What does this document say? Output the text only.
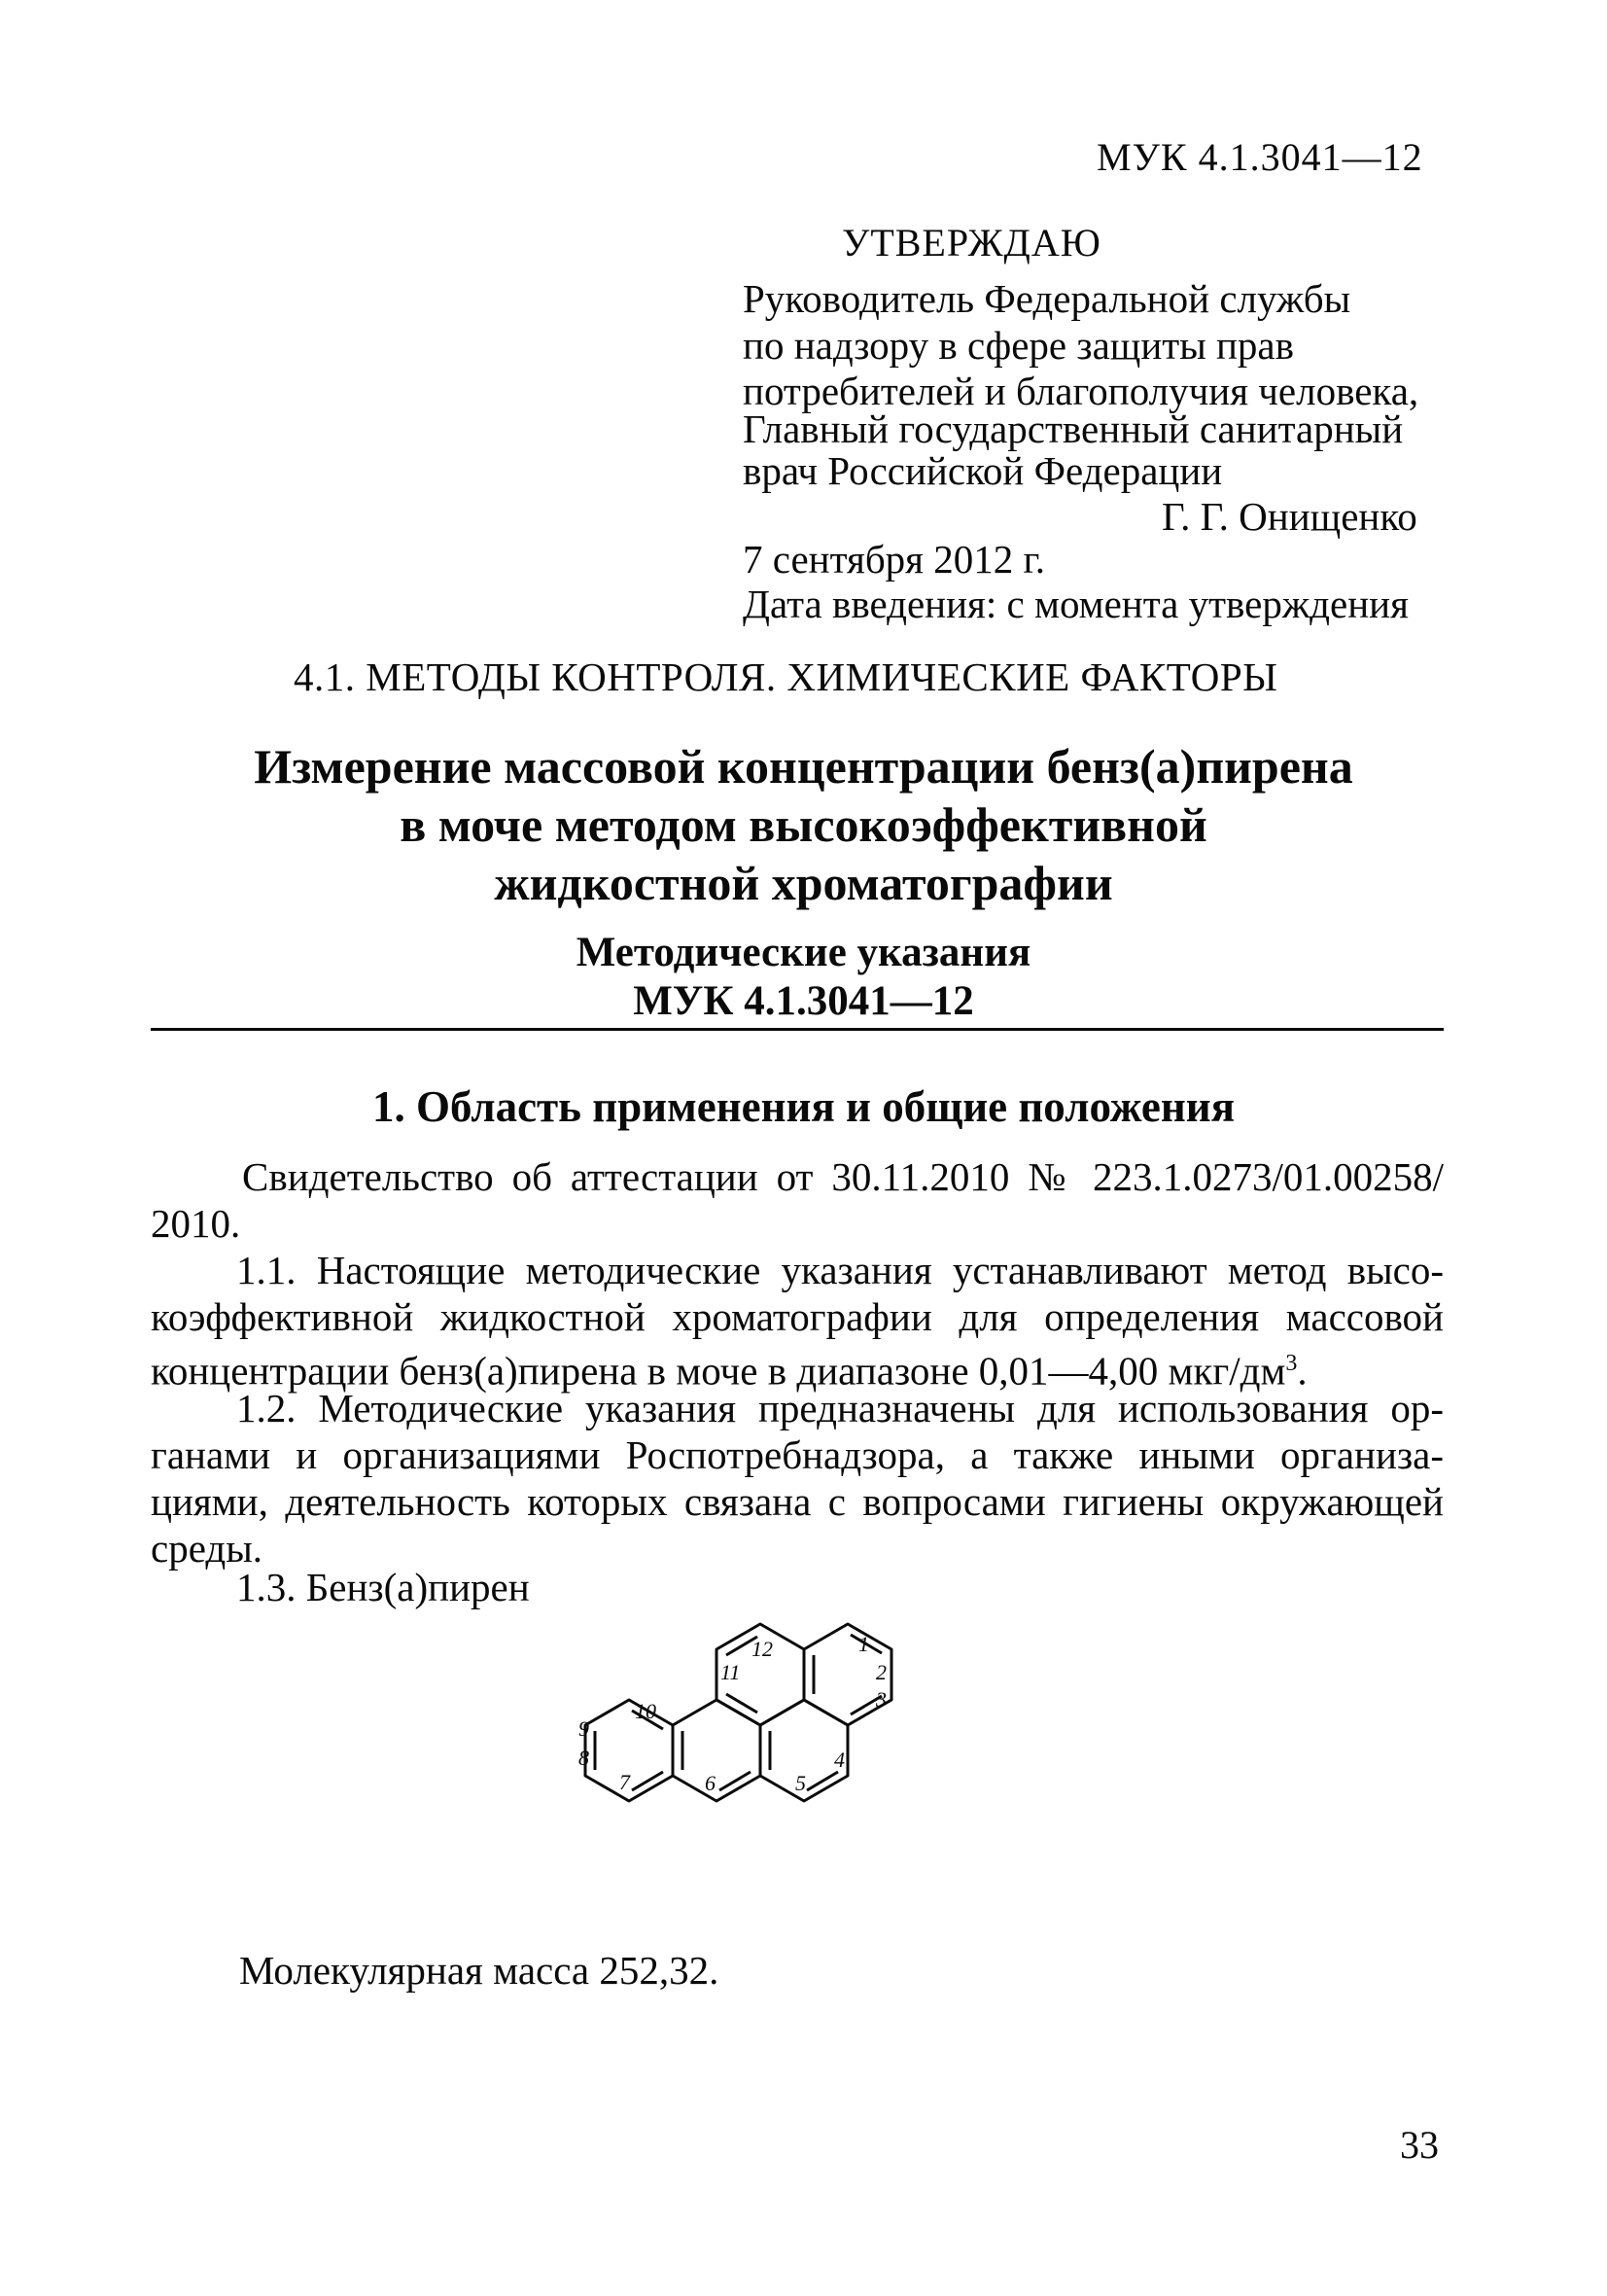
МУК 4.1.3041—12
УТВЕРЖДАЮ
Руководитель Федеральной службы
по надзору в сфере защиты прав
потребителей и благополучия человека,
Главный государственный санитарный
врач Российской Федерации
Г. Г. Онищенко
7 сентября 2012 г.
Дата введения: с момента утверждения
4.1. МЕТОДЫ КОНТРОЛЯ. ХИМИЧЕСКИЕ ФАКТОРЫ
Измерение массовой концентрации бенз(а)пирена
в моче методом высокоэффективной
жидкостной хроматографии
Методические указания
МУК 4.1.3041—12
1. Область применения и общие положения
Свидетельство об аттестации от 30.11.2010 № 223.1.0273/01.00258/
2010.
1.1. Настоящие методические указания устанавливают метод высо-
коэффективной жидкостной хроматографии для определения массовой
концентрации бенз(а)пирена в моче в диапазоне 0,01—4,00 мкг/$дм^3$.
1.2. Методические указания предназначены для использования ор-
ганами и организациями Роспотребнадзора, а также иными организа-
циями, деятельность которых связана с вопросами гигиены окружающей
среды.
1.3. Бенз(а)пирен
1
2
3
4
5
6
7
8
9
10
11
12
Молекулярная масса 252,32.
33
